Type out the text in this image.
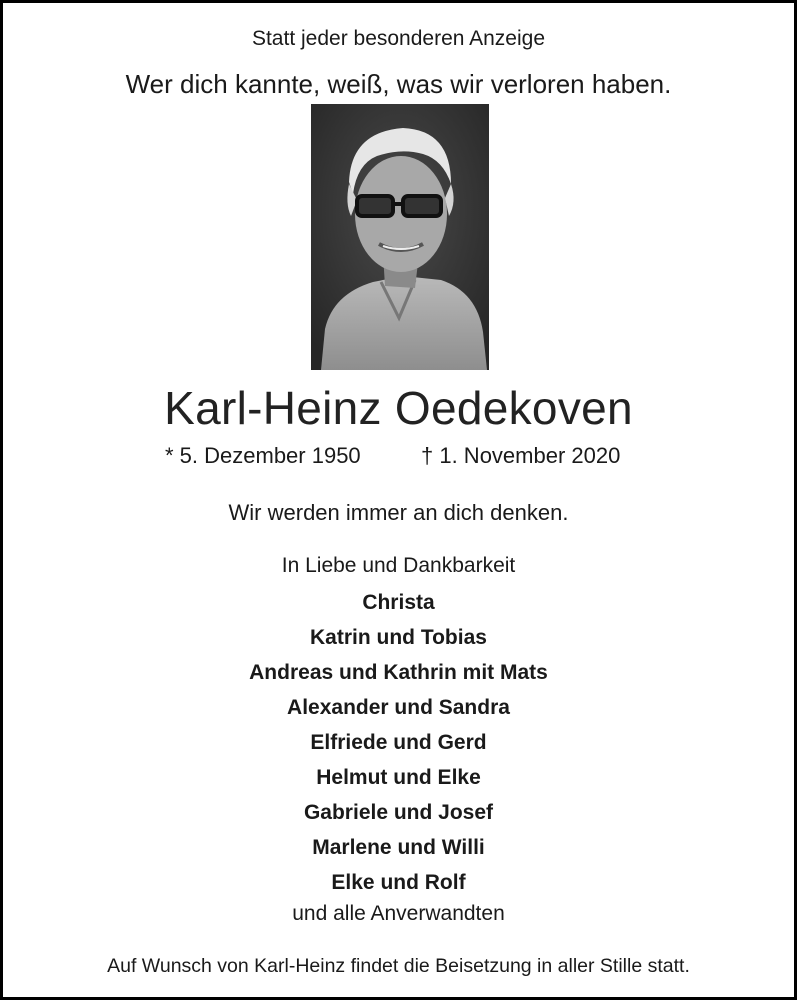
Statt jeder besonderen Anzeige
Wer dich kannte, weiß, was wir verloren haben.
Karl-Heinz Oedekoven
* 5. Dezember 1950	† 1. November 2020
Wir werden immer an dich denken.
In Liebe und Dankbarkeit
Christa
Katrin und Tobias
Andreas und Kathrin mit Mats
Alexander und Sandra
Elfriede und Gerd
Helmut und Elke
Gabriele und Josef
Marlene und Willi
Elke und Rolf
und alle Anverwandten
Auf Wunsch von Karl-Heinz findet die Beisetzung in aller Stille statt.
